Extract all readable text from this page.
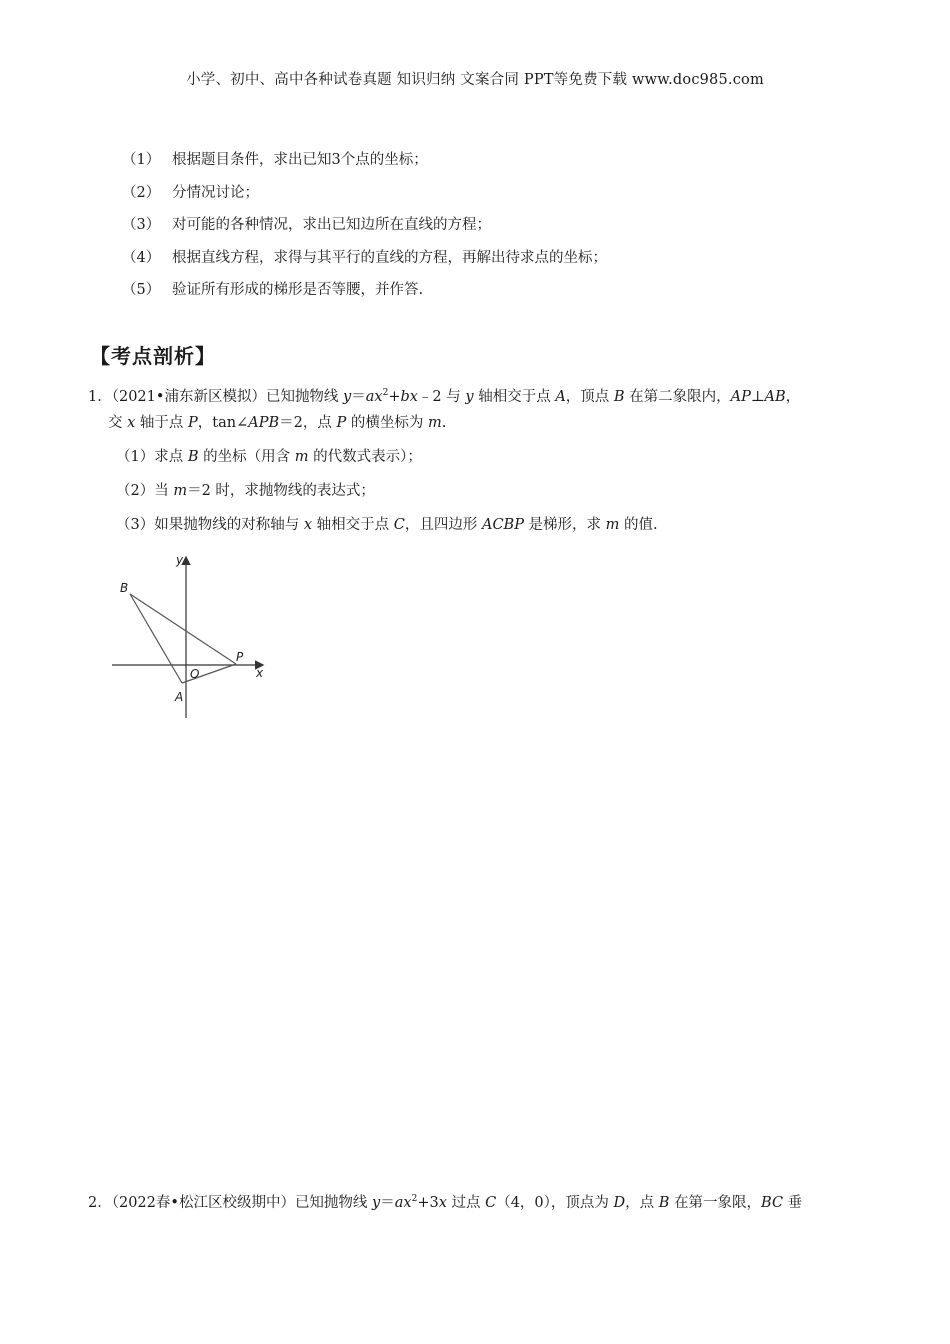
小学、初中、高中各种试卷真题 知识归纳 文案合同 PPT等免费下载 www.doc985.com
（1） 根据题目条件，求出已知3个点的坐标；
（2） 分情况讨论；
（3） 对可能的各种情况，求出已知边所在直线的方程；
（4） 根据直线方程，求得与其平行的直线的方程，再解出待求点的坐标；
（5） 验证所有形成的梯形是否等腰，并作答.
【考点剖析】
1．（2021•浦东新区模拟）已知抛物线 $y=ax^2+bx﹣2$ 与 y 轴相交于点 A，顶点 B 在第二象限内，AP⊥AB，
交 x 轴于点 P，tan∠APB＝2，点 P 的横坐标为 m.
（1）求点 B 的坐标（用含 m 的代数式表示）；
（2）当 m＝2 时，求抛物线的表达式；
（3）如果抛物线的对称轴与 x 轴相交于点 C，且四边形 ACBP 是梯形，求 m 的值.
y
x
B
O
P
A
2．（2022春•松江区校级期中）已知抛物线 $y=ax^2+3x$ 过点 C（4，0），顶点为 D，点 B 在第一象限，BC 垂
